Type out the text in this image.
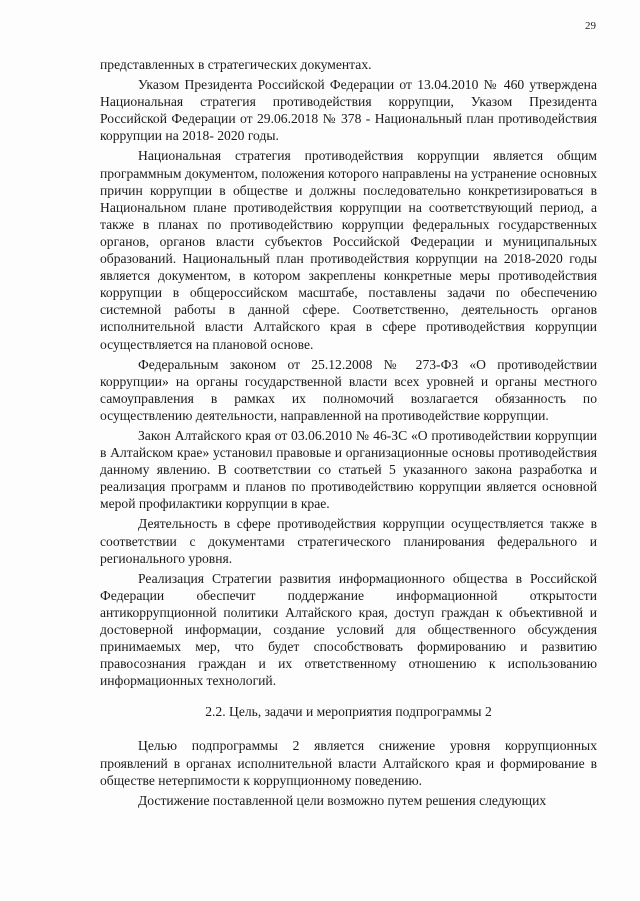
29

представленных в стратегических документах.

Указом Президента Российской Федерации от 13.04.2010 № 460 утверждена Национальная стратегия противодействия коррупции, Указом Президента Российской Федерации от 29.06.2018 № 378 - Национальный план противодействия коррупции на 2018- 2020 годы.

Национальная стратегия противодействия коррупции является общим программным документом, положения которого направлены на устранение основных причин коррупции в обществе и должны последовательно конкретизироваться в Национальном плане противодействия коррупции на соответствующий период, а также в планах по противодействию коррупции федеральных государственных органов, органов власти субъектов Российской Федерации и муниципальных образований. Национальный план противодействия коррупции на 2018-2020 годы является документом, в котором закреплены конкретные меры противодействия коррупции в общероссийском масштабе, поставлены задачи по обеспечению системной работы в данной сфере. Соответственно, деятельность органов исполнительной власти Алтайского края в сфере противодействия коррупции осуществляется на плановой основе.

Федеральным законом от 25.12.2008 № 273-ФЗ «О противодействии коррупции» на органы государственной власти всех уровней и органы местного самоуправления в рамках их полномочий возлагается обязанность по осуществлению деятельности, направленной на противодействие коррупции.

Закон Алтайского края от 03.06.2010 № 46-ЗС «О противодействии коррупции в Алтайском крае» установил правовые и организационные основы противодействия данному явлению. В соответствии со статьей 5 указанного закона разработка и реализация программ и планов по противодействию коррупции является основной мерой профилактики коррупции в крае.

Деятельность в сфере противодействия коррупции осуществляется также в соответствии с документами стратегического планирования федерального и регионального уровня.

Реализация Стратегии развития информационного общества в Российской Федерации обеспечит поддержание информационной открытости антикоррупционной политики Алтайского края, доступ граждан к объективной и достоверной информации, создание условий для общественного обсуждения принимаемых мер, что будет способствовать формированию и развитию правосознания граждан и их ответственному отношению к использованию информационных технологий.

2.2. Цель, задачи и мероприятия подпрограммы 2

Целью подпрограммы 2 является снижение уровня коррупционных проявлений в органах исполнительной власти Алтайского края и формирование в обществе нетерпимости к коррупционному поведению.

Достижение поставленной цели возможно путем решения следующих
